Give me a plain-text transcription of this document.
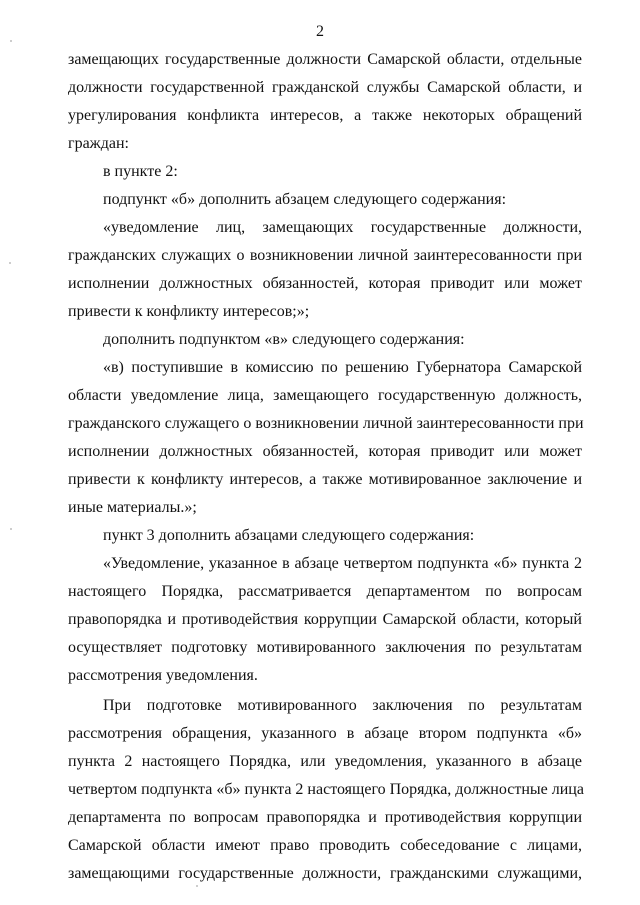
2
замещающих государственные должности Самарской области, отдельные
должности государственной гражданской службы Самарской области, и
урегулирования конфликта интересов, а также некоторых обращений
граждан:
в пункте 2:
подпункт «б» дополнить абзацем следующего содержания:
«уведомление лиц, замещающих государственные должности,
гражданских служащих о возникновении личной заинтересованности при
исполнении должностных обязанностей, которая приводит или может
привести к конфликту интересов;»;
дополнить подпунктом «в» следующего содержания:
«в) поступившие в комиссию по решению Губернатора Самарской
области уведомление лица, замещающего государственную должность,
гражданского служащего о возникновении личной заинтересованности при
исполнении должностных обязанностей, которая приводит или может
привести к конфликту интересов, а также мотивированное заключение и
иные материалы.»;
пункт 3 дополнить абзацами следующего содержания:
«Уведомление, указанное в абзаце четвертом подпункта «б» пункта 2
настоящего Порядка, рассматривается департаментом по вопросам
правопорядка и противодействия коррупции Самарской области, который
осуществляет подготовку мотивированного заключения по результатам
рассмотрения уведомления.
При подготовке мотивированного заключения по результатам
рассмотрения обращения, указанного в абзаце втором подпункта «б»
пункта 2 настоящего Порядка, или уведомления, указанного в абзаце
четвертом подпункта «б» пункта 2 настоящего Порядка, должностные лица
департамента по вопросам правопорядка и противодействия коррупции
Самарской области имеют право проводить собеседование с лицами,
замещающими государственные должности, гражданскими служащими,
